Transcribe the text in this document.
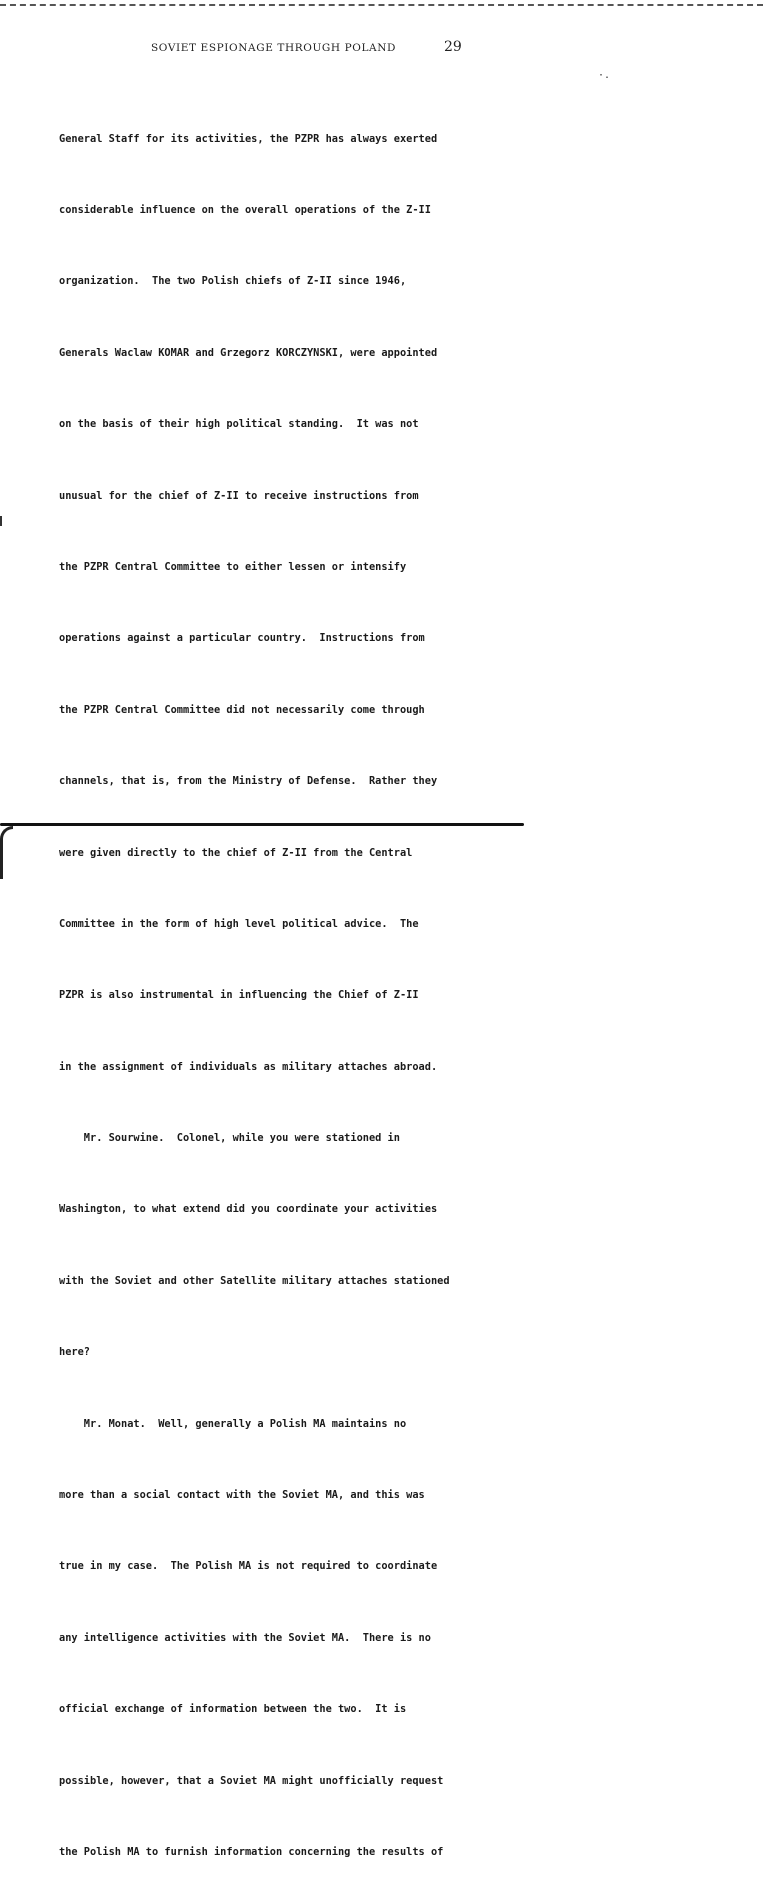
SOVIET ESPIONAGE THROUGH POLAND	29
·.

General Staff for its activities, the PZPR has always exerted

considerable influence on the overall operations of the Z-II

organization.  The two Polish chiefs of Z-II since 1946,

Generals Waclaw KOMAR and Grzegorz KORCZYNSKI, were appointed

on the basis of their high political standing.  It was not

unusual for the chief of Z-II to receive instructions from

the PZPR Central Committee to either lessen or intensify

operations against a particular country.  Instructions from

the PZPR Central Committee did not necessarily come through

channels, that is, from the Ministry of Defense.  Rather they

were given directly to the chief of Z-II from the Central

Committee in the form of high level political advice.  The

PZPR is also instrumental in influencing the Chief of Z-II

in the assignment of individuals as military attaches abroad.

Mr. Sourwine.  Colonel, while you were stationed in

Washington, to what extend did you coordinate your activities

with the Soviet and other Satellite military attaches stationed

here?

Mr. Monat.  Well, generally a Polish MA maintains no

more than a social contact with the Soviet MA, and this was

true in my case.  The Polish MA is not required to coordinate

any intelligence activities with the Soviet MA.  There is no

official exchange of information between the two.  It is

possible, however, that a Soviet MA might unofficially request

the Polish MA to furnish information concerning the results of
